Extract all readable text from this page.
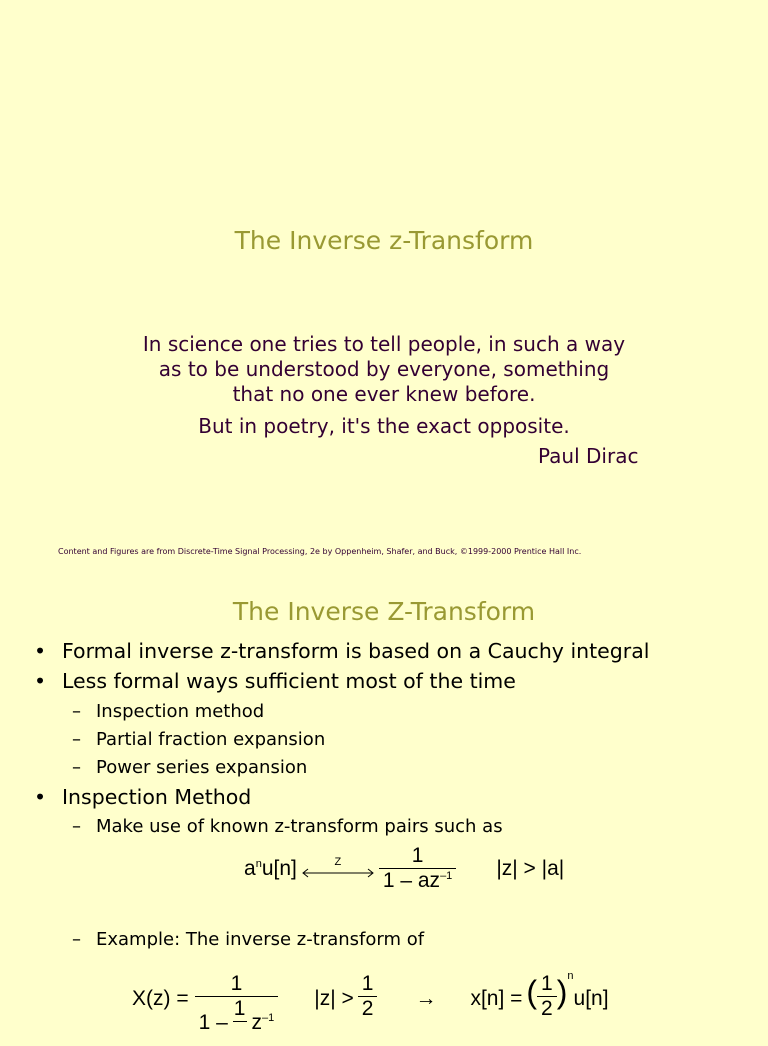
The Inverse z-Transform
In science one tries to tell people, in such a way
as to be understood by everyone, something
that no one ever knew before.
But in poetry, it's the exact opposite.
Paul Dirac
Content and Figures are from Discrete-Time Signal Processing, 2e by Oppenheim, Shafer, and Buck, ©1999-2000 Prentice Hall Inc.
The Inverse Z-Transform
• Formal inverse z-transform is based on a Cauchy integral
• Less formal ways sufficient most of the time
– Inspection method
– Partial fraction expansion
– Power series expansion
• Inspection Method
– Make use of known z-transform pairs such as
$a^nu[n]$	Z $\frac{1}{1 - az^{-1}} |z| > |a|$
– Example: The inverse z-transform of
X(z) = 1
1 –
1

$z^{-1}$ $|z| > \frac{1}{2} \to x[n]$ = ( $\frac{1}{2} )^n$
u[n]
